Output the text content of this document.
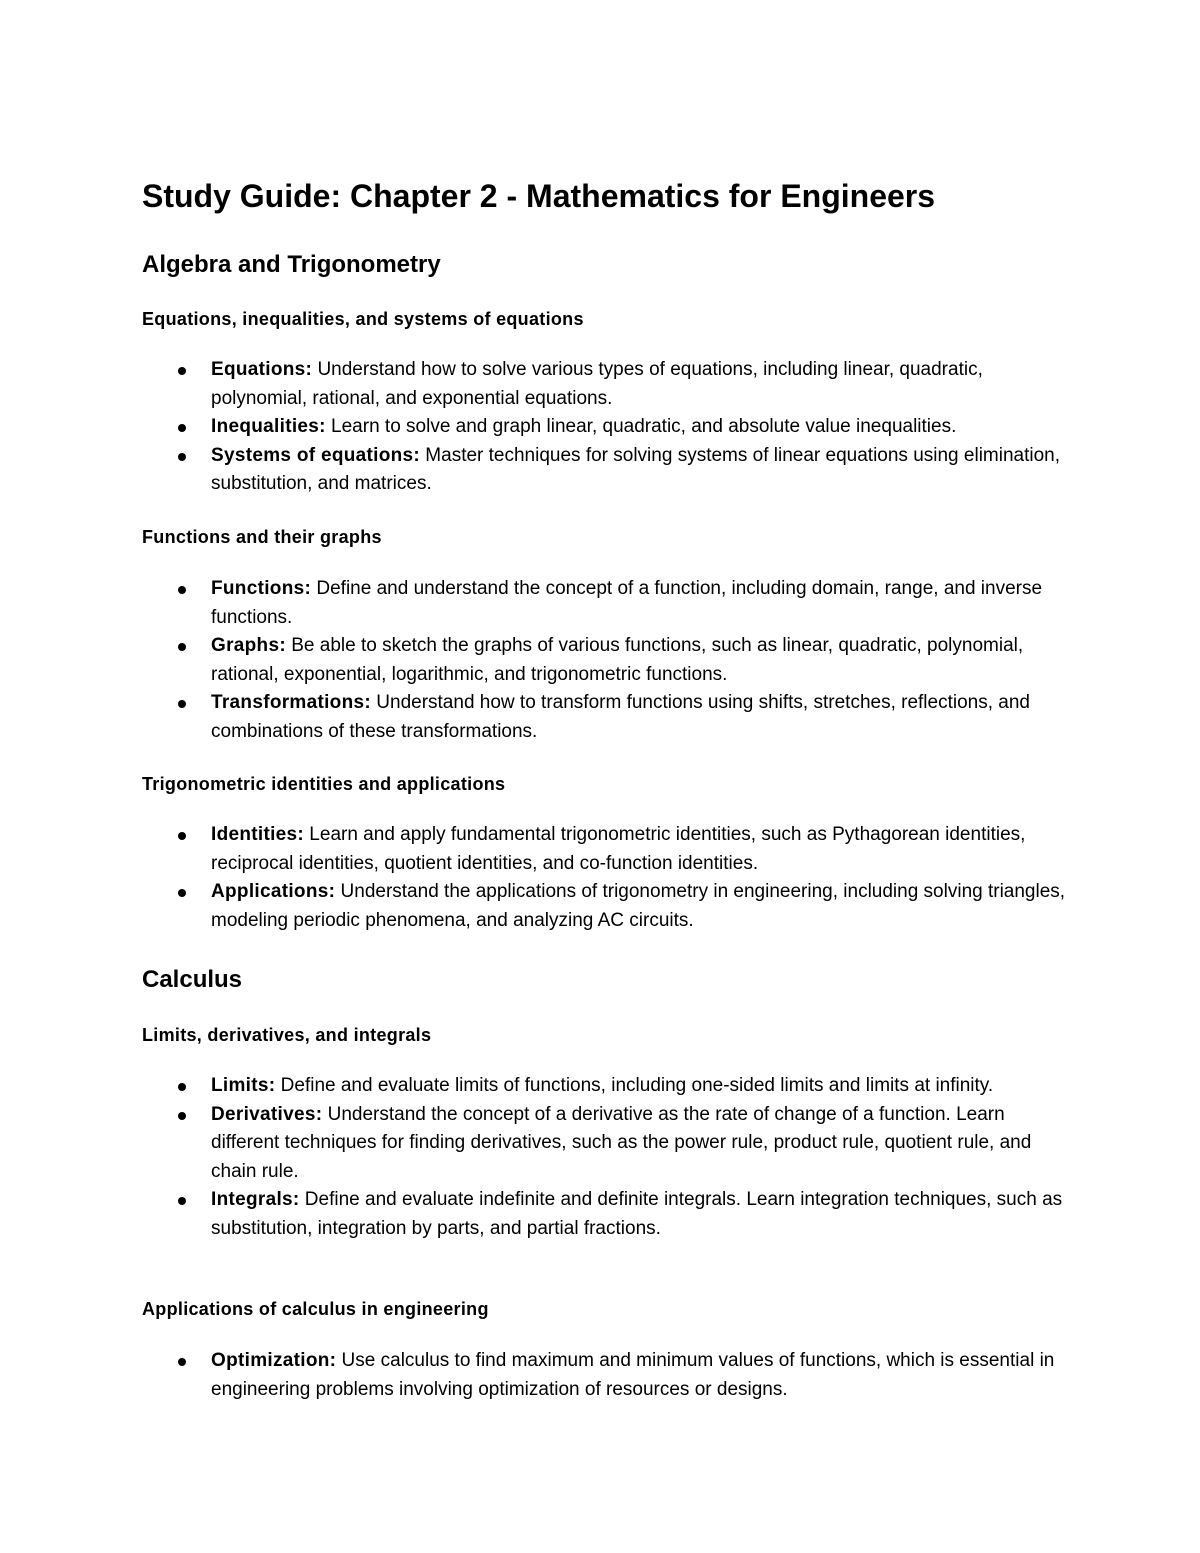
Study Guide: Chapter 2 - Mathematics for Engineers
Algebra and Trigonometry
Equations, inequalities, and systems of equations
Equations: Understand how to solve various types of equations, including linear, quadratic, polynomial, rational, and exponential equations.
Inequalities: Learn to solve and graph linear, quadratic, and absolute value inequalities.
Systems of equations: Master techniques for solving systems of linear equations using elimination, substitution, and matrices.
Functions and their graphs
Functions: Define and understand the concept of a function, including domain, range, and inverse functions.
Graphs: Be able to sketch the graphs of various functions, such as linear, quadratic, polynomial, rational, exponential, logarithmic, and trigonometric functions.
Transformations: Understand how to transform functions using shifts, stretches, reflections, and combinations of these transformations.
Trigonometric identities and applications
Identities: Learn and apply fundamental trigonometric identities, such as Pythagorean identities, reciprocal identities, quotient identities, and co-function identities.
Applications: Understand the applications of trigonometry in engineering, including solving triangles, modeling periodic phenomena, and analyzing AC circuits.
Calculus
Limits, derivatives, and integrals
Limits: Define and evaluate limits of functions, including one-sided limits and limits at infinity.
Derivatives: Understand the concept of a derivative as the rate of change of a function. Learn different techniques for finding derivatives, such as the power rule, product rule, quotient rule, and chain rule.
Integrals: Define and evaluate indefinite and definite integrals. Learn integration techniques, such as substitution, integration by parts, and partial fractions.
Applications of calculus in engineering
Optimization: Use calculus to find maximum and minimum values of functions, which is essential in engineering problems involving optimization of resources or designs.
